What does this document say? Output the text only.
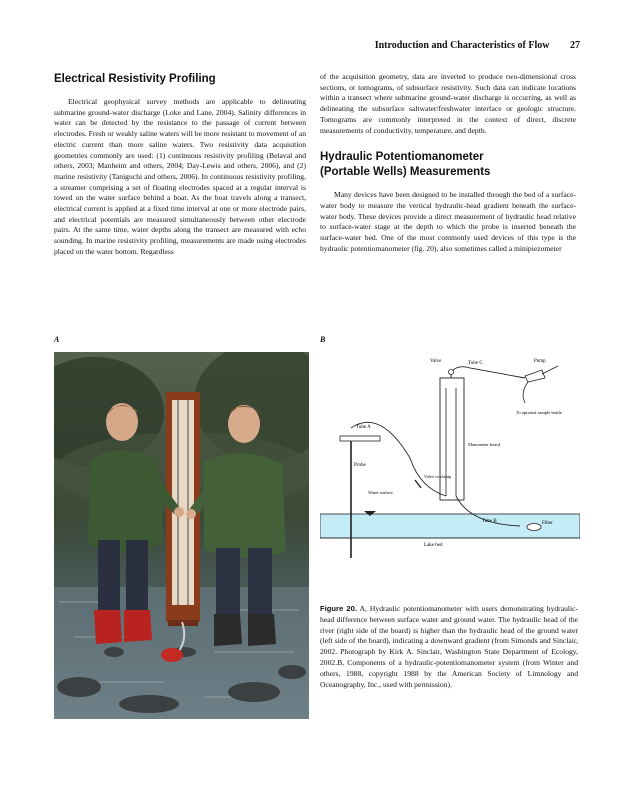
Introduction and Characteristics of Flow 27
Electrical Resistivity Profiling

Electrical geophysical survey methods are applicable to delineating submarine ground-water discharge (Loke and Lane, 2004). Salinity differences in water can be detected by the resistance to the passage of current between electrodes. Fresh or weakly saline waters will be more resistant to movement of an electric current than more saline waters. Two resistivity data acquisition geometries commonly are used: (1) continuous resistivity profiling (Belaval and others, 2003; Manheim and others, 2004; Day-Lewis and others, 2006), and (2) marine resistivity (Taniguchi and others, 2006). In continuous resistivity profiling, a streamer comprising a set of floating electrodes spaced at a regular interval is towed on the water surface behind a boat. As the boat travels along a transect, electrical current is applied at a fixed time interval at one or more electrode pairs, and electrical potentials are measured simultaneously between other electrode pairs. At the same time, water depths along the transect are measured with echo sounding. In marine resistivity profiling, measurements are made using electrodes placed on the water bottom. Regardless

of the acquisition geometry, data are inverted to produce two-dimensional cross sections, or tomograms, of subsurface resistivity. Such data can indicate locations within a transect where submarine ground-water discharge is occurring, as well as delineating the subsurface saltwater/freshwater interface or geologic structure. Tomograms are commonly interpreted in the context of direct, discrete measurements of conductivity, temperature, and depth.

Hydraulic Potentiomanometer
(Portable Wells) Measurements

Many devices have been designed to be installed through the bed of a surface-water body to measure the vertical hydraulic-head gradient beneath the surface-water body. These devices provide a direct measurement of hydraulic head relative to surface-water stage at the depth to which the probe is inserted beneath the surface-water bed. One of the most commonly used devices of this type is the hydraulic potentiomanometer (fig. 20), also sometimes called a minipiezometer

A	B
Valve	Tube C	Pump
To optional sample bottle
Manometer board
Tube A
Probe
Valve or clamp
Water surface
Tube B	Filter
Lake bed
Figure 20. A, Hydraulic potentiomanometer with users demonstrating hydraulic-head difference between surface water and ground water. The hydraulic head of the river (right side of the board) is higher than the hydraulic head of the ground water (left side of the board), indicating a downward gradient (from Simonds and Sinclair, 2002. Photograph by Kirk A. Sinclair, Washington State Department of Ecology, 2002.B, Components of a hydraulic-potentiomanometer system (from Winter and others, 1988, copyright 1988 by the American Society of Limnology and Oceanography, Inc., used with permission).
